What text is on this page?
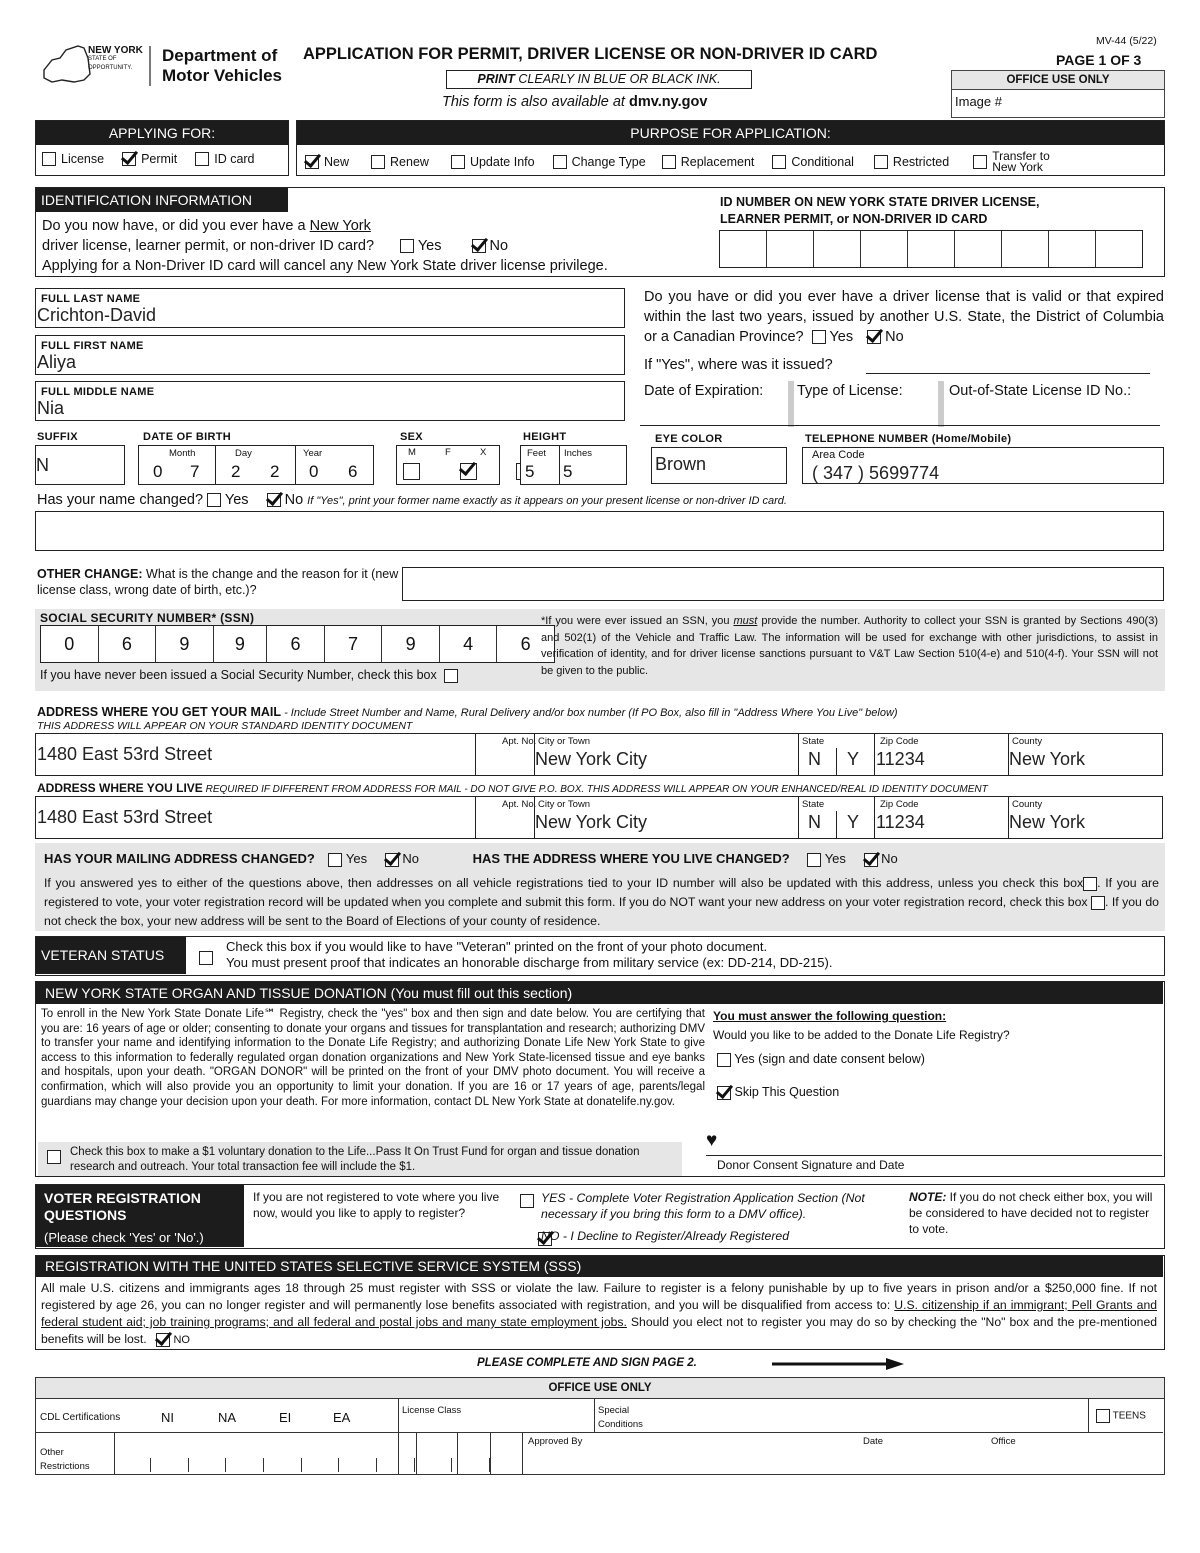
NEW YORK
STATE OF
OPPORTUNITY.
Department of
Motor Vehicles
APPLICATION FOR PERMIT, DRIVER LICENSE OR NON-DRIVER ID CARD
PRINT CLEARLY IN BLUE OR BLACK INK.
This form is also available at dmv.ny.gov
MV-44 (5/22)
PAGE 1 OF 3
OFFICE USE ONLY
Image #
APPLYING FOR:
License	Permit	ID card
PURPOSE FOR APPLICATION:
New	Renew	Update Info	Change Type	Replacement	Conditional	Restricted	Transfer to New York
IDENTIFICATION INFORMATION
Do you now have, or did you ever have a New York
driver license, learner permit, or non-driver ID card?	Yes	No
Applying for a Non-Driver ID card will cancel any New York State driver license privilege.
ID NUMBER ON NEW YORK STATE DRIVER LICENSE, LEARNER PERMIT, or NON-DRIVER ID CARD
FULL LAST NAME
Crichton-David
FULL FIRST NAME
Aliya
FULL MIDDLE NAME
Nia
Do you have or did you ever have a driver license that is valid or that expired within the last two years, issued by another U.S. State, the District of Columbia or a Canadian Province? Yes No
If "Yes", where was it issued?
Date of Expiration: Type of License:	Out-of-State License ID No.:
SUFFIX
N
DATE OF BIRTH
Month	Day	Year
0 7 2 2 0 6
SEX
M	F	X

HEIGHT
Feet Inches
5 5
EYE COLOR
Brown
TELEPHONE NUMBER (Home/Mobile)
Area Code
( 347 ) 5699774
Has your name changed? Yes No If "Yes", print your former name exactly as it appears on your present license or non-driver ID card.
OTHER CHANGE: What is the change and the reason for it (new license class, wrong date of birth, etc.)?
SOCIAL SECURITY NUMBER* (SSN)
0	6	9	9	6	7	9	4	6
If you have never been issued a Social Security Number, check this box
*If you were ever issued an SSN, you must provide the number. Authority to collect your SSN is granted by Sections 490(3) and 502(1) of the Vehicle and Traffic Law. The information will be used for exchange with other jurisdictions, to assist in verification of identity, and for driver license sanctions pursuant to V&T Law Section 510(4-e) and 510(4-f). Your SSN will not be given to the public.
ADDRESS WHERE YOU GET YOUR MAIL - Include Street Number and Name, Rural Delivery and/or box number (If PO Box, also fill in "Address Where You Live" below)
THIS ADDRESS WILL APPEAR ON YOUR STANDARD IDENTITY DOCUMENT
1480 East 53rd Street
Apt. No. City or Town
New York City
State
N Y
Zip Code
11234
County
New York
ADDRESS WHERE YOU LIVE REQUIRED IF DIFFERENT FROM ADDRESS FOR MAIL - DO NOT GIVE P.O. BOX. THIS ADDRESS WILL APPEAR ON YOUR ENHANCED/REAL ID IDENTITY DOCUMENT
1480 East 53rd Street
Apt. No. City or Town
New York City
State
N Y
Zip Code
11234
County
New York
HAS YOUR MAILING ADDRESS CHANGED? Yes	No	HAS THE ADDRESS WHERE YOU LIVE CHANGED?	Yes	No
If you answered yes to either of the questions above, then addresses on all vehicle registrations tied to your ID number will also be updated with this address, unless you check this box . If you are registered to vote, your voter registration record will be updated when you complete and submit this form. If you do NOT want your new address on your voter registration record, check this box . If you do not check the box, your new address will be sent to the Board of Elections of your county of residence.
VETERAN STATUS
Check this box if you would like to have "Veteran" printed on the front of your photo document.
You must present proof that indicates an honorable discharge from military service (ex: DD-214, DD-215).
NEW YORK STATE ORGAN AND TISSUE DONATION (You must fill out this section)
To enroll in the New York State Donate Life℠ Registry, check the "yes" box and then sign and date below. You are certifying that you are: 16 years of age or older; consenting to donate your organs and tissues for transplantation and research; authorizing DMV to transfer your name and identifying information to the Donate Life Registry; and authorizing Donate Life New York State to give access to this information to federally regulated organ donation organizations and New York State-licensed tissue and eye banks and hospitals, upon your death. "ORGAN DONOR" will be printed on the front of your DMV photo document. You will receive a confirmation, which will also provide you an opportunity to limit your donation. If you are 16 or 17 years of age, parents/legal guardians may change your decision upon your death. For more information, contact DL New York State at donatelife.ny.gov.
Check this box to make a $1 voluntary donation to the Life...Pass It On Trust Fund for organ and tissue donation research and outreach. Your total transaction fee will include the $1.
You must answer the following question:
Would you like to be added to the Donate Life Registry?
Yes (sign and date consent below)
Skip This Question
♥
Donor Consent Signature and Date
VOTER REGISTRATION QUESTIONS
(Please check 'Yes' or 'No'.)
If you are not registered to vote where you live now, would you like to apply to register?

YES - Complete Voter Registration Application Section (Not necessary if you bring this form to a DMV office).
NO - I Decline to Register/Already Registered
NOTE: If you do not check either box, you will be considered to have decided not to register to vote.
REGISTRATION WITH THE UNITED STATES SELECTIVE SERVICE SYSTEM (SSS)
All male U.S. citizens and immigrants ages 18 through 25 must register with SSS or violate the law. Failure to register is a felony punishable by up to five years in prison and/or a $250,000 fine. If not registered by age 26, you can no longer register and will permanently lose benefits associated with registration, and you will be disqualified from access to: U.S. citizenship if an immigrant; Pell Grants and federal student aid; job training programs; and all federal and postal jobs and many state employment jobs. Should you elect not to register you may do so by checking the "No" box and the pre-mentioned benefits will be lost. NO
PLEASE COMPLETE AND SIGN PAGE 2.
OFFICE USE ONLY
CDL Certifications	NI	NA	EI	EA	License Class	Special Conditions
TEENS
Other Restrictions
Approved By	Date	Office
